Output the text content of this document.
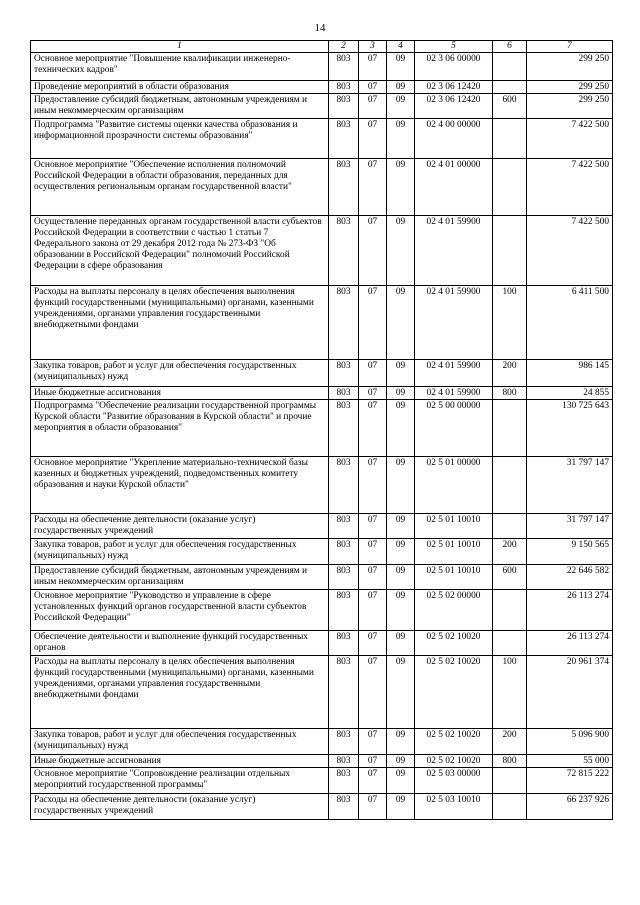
14
1	2	3	4	5	6	7
Основное мероприятие "Повышение квалификации инженерно-технических кадров"	803	07	09	02 3 06 00000		299 250
Проведение мероприятий в области образования	803	07	09	02 3 06 12420		299 250
Предоставление субсидий бюджетным, автономным учреждениям и иным некоммерческим организациям	803	07	09	02 3 06 12420	600	299 250
Подпрограмма "Развитие системы оценки качества образования и информационной прозрачности системы образования"	803	07	09	02 4 00 00000		7 422 500
Основное мероприятие "Обеспечение исполнения полномочий Российской Федерации в области образования, переданных для осуществления региональным органам государственной власти"	803	07	09	02 4 01 00000		7 422 500
Осуществление переданных органам государственной власти субъектов Российской Федерации в соответствии с частью 1 статьи 7 Федерального закона от 29 декабря 2012 года № 273-ФЗ "Об образовании в Российской Федерации" полномочий Российской Федерации в сфере образования	803	07	09	02 4 01 59900		7 422 500
Расходы на выплаты персоналу в целях обеспечения выполнения функций государственными (муниципальными) органами, казенными учреждениями, органами управления государственными внебюджетными фондами	803	07	09	02 4 01 59900	100	6 411 500
Закупка товаров, работ и услуг для обеспечения государственных (муниципальных) нужд	803	07	09	02 4 01 59900	200	986 145
Иные бюджетные ассигнования	803	07	09	02 4 01 59900	800	24 855
Подпрограмма "Обеспечение реализации государственной программы Курской области "Развитие образования в Курской области" и прочие мероприятия в области образования"	803	07	09	02 5 00 00000		130 725 643
Основное мероприятие "Укрепление материально-технической базы казенных и бюджетных учреждений, подведомственных комитету образования и науки Курской области"	803	07	09	02 5 01 00000		31 797 147
Расходы на обеспечение деятельности (оказание услуг) государственных учреждений	803	07	09	02 5 01 10010		31 797 147
Закупка товаров, работ и услуг для обеспечения государственных (муниципальных) нужд	803	07	09	02 5 01 10010	200	9 150 565
Предоставление субсидий бюджетным, автономным учреждениям и иным некоммерческим организациям	803	07	09	02 5 01 10010	600	22 646 582
Основное мероприятие "Руководство и управление в сфере установленных функций органов государственной власти субъектов Российской Федерации"	803	07	09	02 5 02 00000		26 113 274
Обеспечение деятельности и выполнение функций государственных органов	803	07	09	02 5 02 10020		26 113 274
Расходы на выплаты персоналу в целях обеспечения выполнения функций государственными (муниципальными) органами, казенными учреждениями, органами управления государственными внебюджетными фондами	803	07	09	02 5 02 10020	100	20 961 374
Закупка товаров, работ и услуг для обеспечения государственных (муниципальных) нужд	803	07	09	02 5 02 10020	200	5 096 900
Иные бюджетные ассигнования	803	07	09	02 5 02 10020	800	55 000
Основное мероприятие "Сопровождение реализации отдельных мероприятий государственной программы"	803	07	09	02 5 03 00000		72 815 222
Расходы на обеспечение деятельности (оказание услуг) государственных учреждений	803	07	09	02 5 03 10010		66 237 926
